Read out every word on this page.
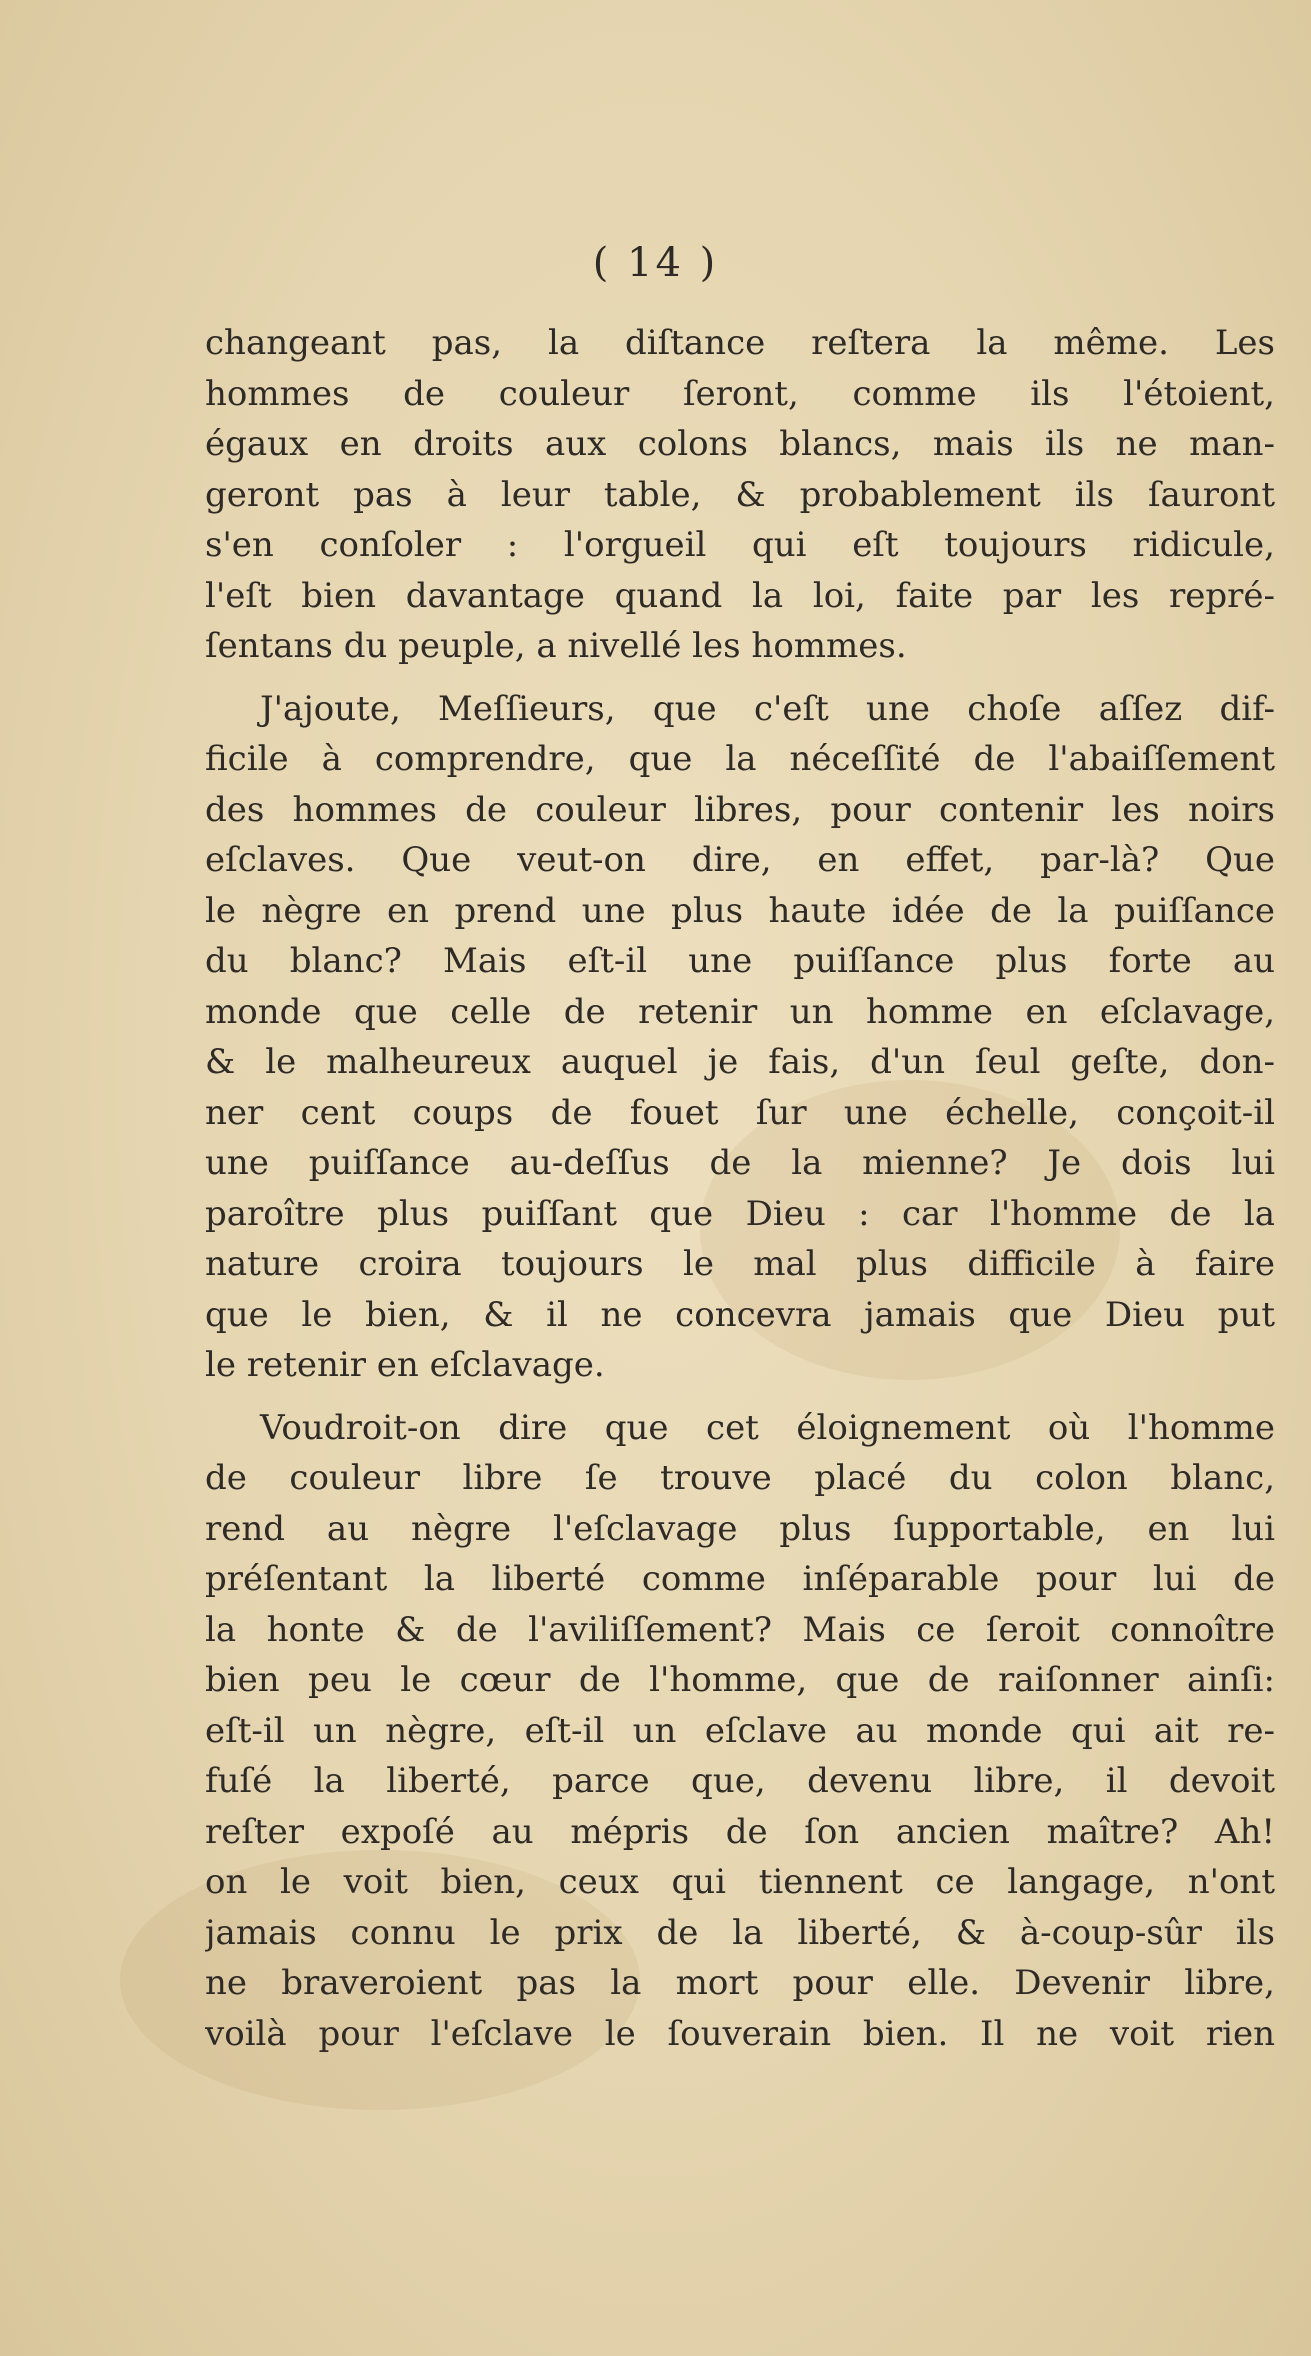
( 14 )
changeant pas, la diſtance reſtera la même. Les
hommes de couleur ſeront, comme ils l'étoient,
égaux en droits aux colons blancs, mais ils ne man-
geront pas à leur table, & probablement ils ſauront
s'en conſoler : l'orgueil qui eſt toujours ridicule,
l'eſt bien davantage quand la loi, faite par les repré-
ſentans du peuple, a nivellé les hommes.
J'ajoute, Meſſieurs, que c'eſt une choſe aſſez dif-
ficile à comprendre, que la néceſſité de l'abaiſſement
des hommes de couleur libres, pour contenir les noirs
eſclaves. Que veut-on dire, en effet, par-là? Que
le nègre en prend une plus haute idée de la puiſſance
du blanc? Mais eſt-il une puiſſance plus forte au
monde que celle de retenir un homme en eſclavage,
& le malheureux auquel je fais, d'un ſeul geſte, don-
ner cent coups de fouet ſur une échelle, conçoit-il
une puiſſance au-deſſus de la mienne? Je dois lui
paroître plus puiſſant que Dieu : car l'homme de la
nature croira toujours le mal plus difficile à faire
que le bien, & il ne concevra jamais que Dieu put
le retenir en eſclavage.
Voudroit-on dire que cet éloignement où l'homme
de couleur libre ſe trouve placé du colon blanc,
rend au nègre l'eſclavage plus ſupportable, en lui
préſentant la liberté comme inſéparable pour lui de
la honte & de l'aviliſſement? Mais ce ſeroit connoître
bien peu le cœur de l'homme, que de raiſonner ainſi:
eſt-il un nègre, eſt-il un eſclave au monde qui ait re-
fuſé la liberté, parce que, devenu libre, il devoit
reſter expoſé au mépris de ſon ancien maître? Ah!
on le voit bien, ceux qui tiennent ce langage, n'ont
jamais connu le prix de la liberté, & à-coup-sûr ils
ne braveroient pas la mort pour elle. Devenir libre,
voilà pour l'eſclave le ſouverain bien. Il ne voit rien
